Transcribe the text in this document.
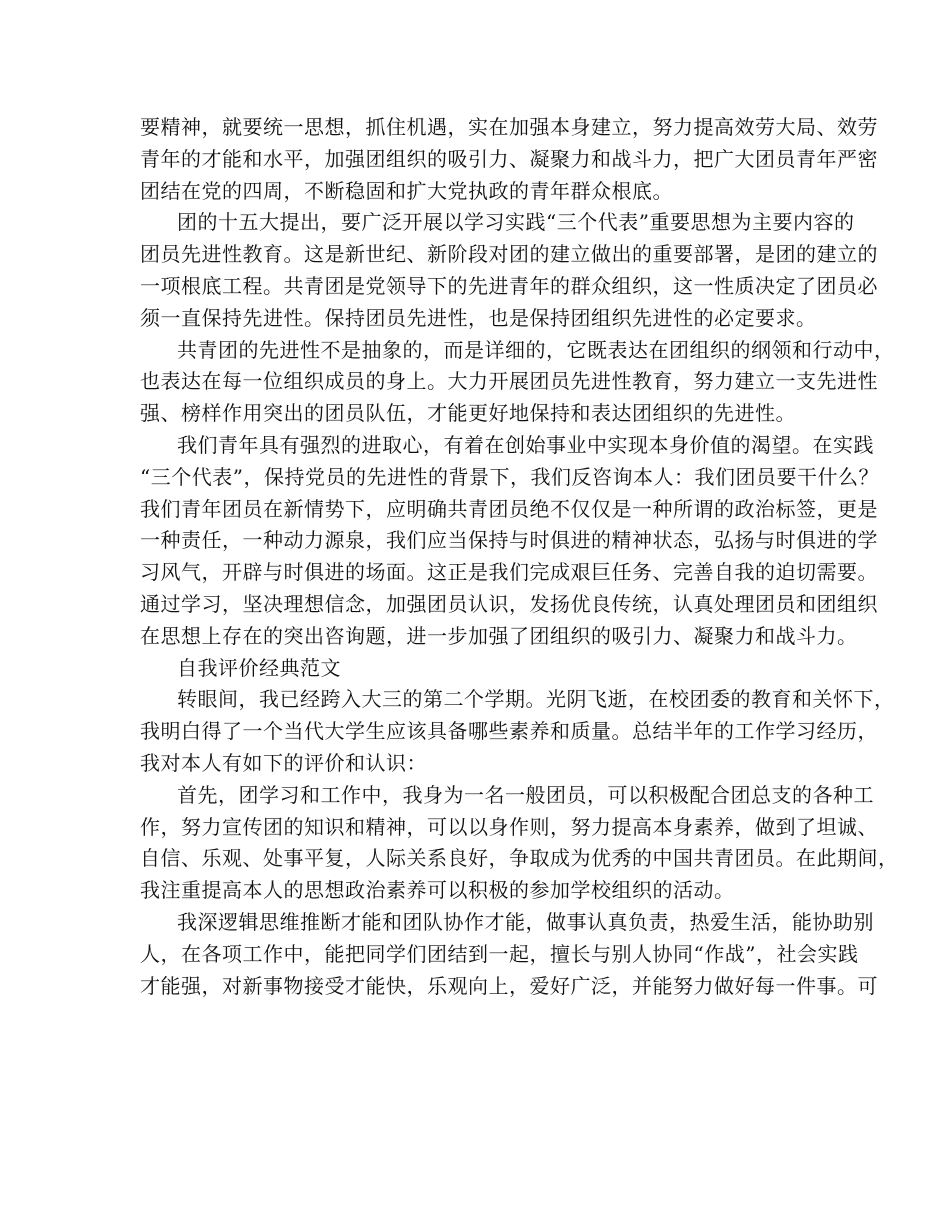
要精神，就要统一思想，抓住机遇，实在加强本身建立，努力提高效劳大局、效劳
青年的才能和水平，加强团组织的吸引力、凝聚力和战斗力，把广大团员青年严密
团结在党的四周，不断稳固和扩大党执政的青年群众根底。
团的十五大提出，要广泛开展以学习实践“三个代表”重要思想为主要内容的
团员先进性教育。这是新世纪、新阶段对团的建立做出的重要部署，是团的建立的
一项根底工程。共青团是党领导下的先进青年的群众组织，这一性质决定了团员必
须一直保持先进性。保持团员先进性，也是保持团组织先进性的必定要求。
共青团的先进性不是抽象的，而是详细的，它既表达在团组织的纲领和行动中，
也表达在每一位组织成员的身上。大力开展团员先进性教育，努力建立一支先进性
强、榜样作用突出的团员队伍，才能更好地保持和表达团组织的先进性。
我们青年具有强烈的进取心，有着在创始事业中实现本身价值的渴望。在实践
“三个代表”，保持党员的先进性的背景下，我们反咨询本人：我们团员要干什么？
我们青年团员在新情势下，应明确共青团员绝不仅仅是一种所谓的政治标签，更是
一种责任，一种动力源泉，我们应当保持与时俱进的精神状态，弘扬与时俱进的学
习风气，开辟与时俱进的场面。这正是我们完成艰巨任务、完善自我的迫切需要。
通过学习，坚决理想信念，加强团员认识，发扬优良传统，认真处理团员和团组织
在思想上存在的突出咨询题，进一步加强了团组织的吸引力、凝聚力和战斗力。
自我评价经典范文
转眼间，我已经跨入大三的第二个学期。光阴飞逝，在校团委的教育和关怀下，
我明白得了一个当代大学生应该具备哪些素养和质量。总结半年的工作学习经历，
我对本人有如下的评价和认识：
首先，团学习和工作中，我身为一名一般团员，可以积极配合团总支的各种工
作，努力宣传团的知识和精神，可以以身作则，努力提高本身素养，做到了坦诚、
自信、乐观、处事平复，人际关系良好，争取成为优秀的中国共青团员。在此期间，
我注重提高本人的思想政治素养可以积极的参加学校组织的活动。
我深逻辑思维推断才能和团队协作才能，做事认真负责，热爱生活，能协助别
人，在各项工作中，能把同学们团结到一起，擅长与别人协同“作战”，社会实践
才能强，对新事物接受才能快，乐观向上，爱好广泛，并能努力做好每一件事。可
